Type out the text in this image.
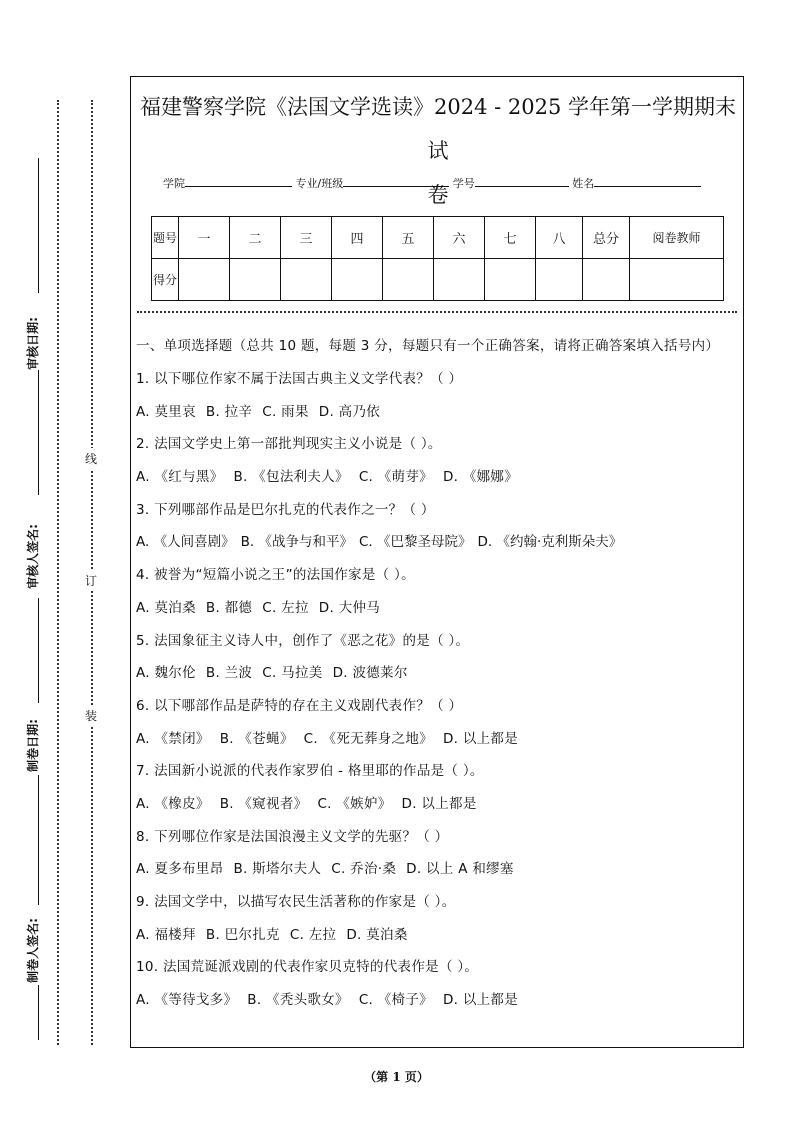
审核日期:
审核人签名:
制卷日期:
制卷人签名:
线
订
装
福建警察学院《法国文学选读》2024 - 2025 学年第一学期期末试
卷
学院	专业/班级	学号	姓名
题号	一	二	三	四	五	六	七	八	总分	阅卷教师
得分										
一、单项选择题（总共 10 题，每题 3 分，每题只有一个正确答案，请将正确答案填入括号内）
1. 以下哪位作家不属于法国古典主义文学代表？（ ）
A. 莫里哀 B. 拉辛 C. 雨果 D. 高乃依
2. 法国文学史上第一部批判现实主义小说是（ ）。
A. 《红与黑》 B. 《包法利夫人》 C. 《萌芽》 D. 《娜娜》
3. 下列哪部作品是巴尔扎克的代表作之一？（ ）
A. 《人间喜剧》 B. 《战争与和平》 C. 《巴黎圣母院》 D. 《约翰·克利斯朵夫》
4. 被誉为“短篇小说之王”的法国作家是（ ）。
A. 莫泊桑 B. 都德 C. 左拉 D. 大仲马
5. 法国象征主义诗人中，创作了《恶之花》的是（ ）。
A. 魏尔伦 B. 兰波 C. 马拉美 D. 波德莱尔
6. 以下哪部作品是萨特的存在主义戏剧代表作？（ ）
A. 《禁闭》 B. 《苍蝇》 C. 《死无葬身之地》 D. 以上都是
7. 法国新小说派的代表作家罗伯 - 格里耶的作品是（ ）。
A. 《橡皮》 B. 《窥视者》 C. 《嫉妒》 D. 以上都是
8. 下列哪位作家是法国浪漫主义文学的先驱？（ ）
A. 夏多布里昂 B. 斯塔尔夫人 C. 乔治·桑 D. 以上 A 和缪塞
9. 法国文学中，以描写农民生活著称的作家是（ ）。
A. 福楼拜 B. 巴尔扎克 C. 左拉 D. 莫泊桑
10. 法国荒诞派戏剧的代表作家贝克特的代表作是（ ）。
A. 《等待戈多》 B. 《秃头歌女》 C. 《椅子》 D. 以上都是
（第 1 页）
